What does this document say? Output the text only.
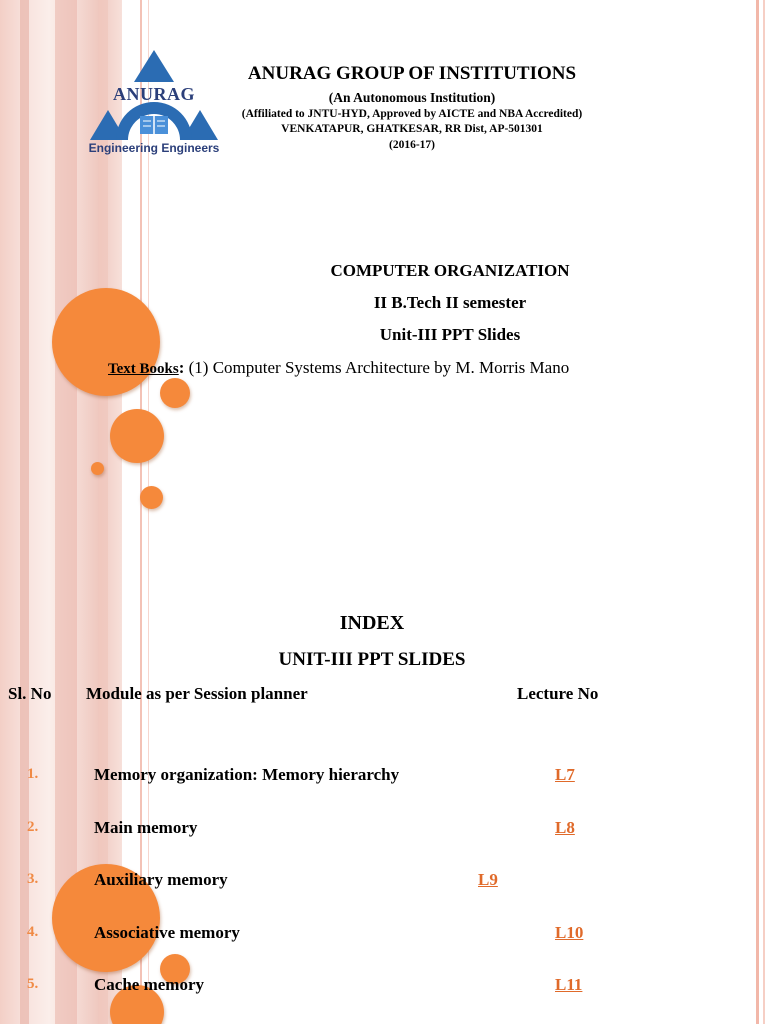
ANURAG
Engineering Engineers
ANURAG GROUP OF INSTITUTIONS
(An Autonomous Institution)
(Affiliated to JNTU-HYD, Approved by AICTE and NBA Accredited)
VENKATAPUR, GHATKESAR, RR Dist, AP-501301
(2016-17)
COMPUTER ORGANIZATION
II B.Tech II semester
Unit-III PPT Slides
Text Books: (1) Computer Systems Architecture by M. Morris Mano
INDEX
UNIT-III PPT SLIDES
Sl. No Module as per Session planner	Lecture No
1.	Memory organization: Memory hierarchy	L7
2.	Main memory	L8
3.	Auxiliary memory	L9
4.	Associative memory	L10
5.	Cache memory	L11
